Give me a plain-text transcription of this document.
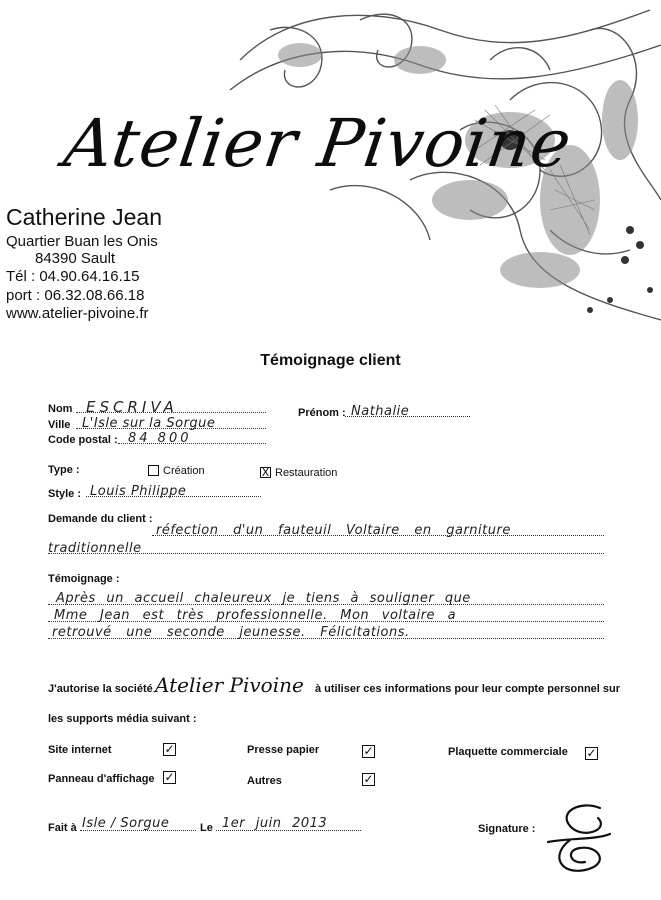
Atelier Pivoine
Catherine Jean
Quartier Buan les Onis
84390 Sault
Tél : 04.90.64.16.15
port : 06.32.08.66.18
www.atelier-pivoine.fr
Témoignage client
Nom ESCRIVA	Prénom : Nathalie
Ville L'Isle sur la Sorgue
Code postal : 84 800
Type :	Création	X Restauration
Style : Louis Philippe
Demande du client :
réfection d'un fauteuil Voltaire en garniture
traditionnelle
Témoignage :
Après un accueil chaleureux je tiens à souligner que
Mme Jean est très professionnelle. Mon voltaire a
retrouvé une seconde jeunesse. Félicitations.
J'autorise la société Atelier Pivoine à utiliser ces informations pour leur compte personnel sur
les supports média suivant :
Site internet	✓	Presse papier	✓	Plaquette commerciale ✓
Panneau d'affichage ✓	Autres	✓
Fait à Isle / Sorgue	Le 1er juin 2013	Signature :
